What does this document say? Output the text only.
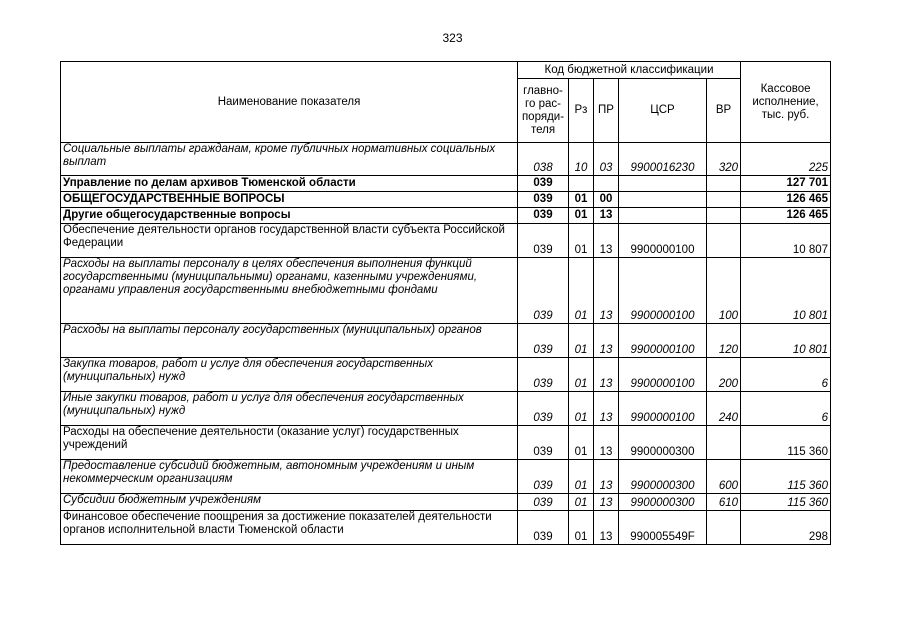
323
Наименование показателя	Код бюджетной классификации					Кассовое исполнение, тыс. руб.
	главно-го рас-поряди-теля	Рз	ПР	ЦСР	ВР	
Социальные выплаты гражданам, кроме публичных нормативных социальных выплат	038	10	03	9900016230	320	225
Управление по делам архивов Тюменской области	039					127 701
ОБЩЕГОСУДАРСТВЕННЫЕ ВОПРОСЫ	039	01	00			126 465
Другие общегосударственные вопросы	039	01	13			126 465
Обеспечение деятельности органов государственной власти субъекта Российской Федерации	039	01	13	9900000100		10 807
Расходы на выплаты персоналу в целях обеспечения выполнения функций государственными (муниципальными) органами, казенными учреждениями, органами управления государственными внебюджетными фондами	039	01	13	9900000100	100	10 801
Расходы на выплаты персоналу государственных (муниципальных) органов	039	01	13	9900000100	120	10 801
Закупка товаров, работ и услуг для обеспечения государственных (муниципальных) нужд	039	01	13	9900000100	200	6
Иные закупки товаров, работ и услуг для обеспечения государственных (муниципальных) нужд	039	01	13	9900000100	240	6
Расходы на обеспечение деятельности (оказание услуг) государственных учреждений	039	01	13	9900000300		115 360
Предоставление субсидий бюджетным, автономным учреждениям и иным некоммерческим организациям	039	01	13	9900000300	600	115 360
Субсидии бюджетным учреждениям	039	01	13	9900000300	610	115 360
Финансовое обеспечение поощрения за достижение показателей деятельности органов исполнительной власти Тюменской области	039	01	13	990005549F		298
